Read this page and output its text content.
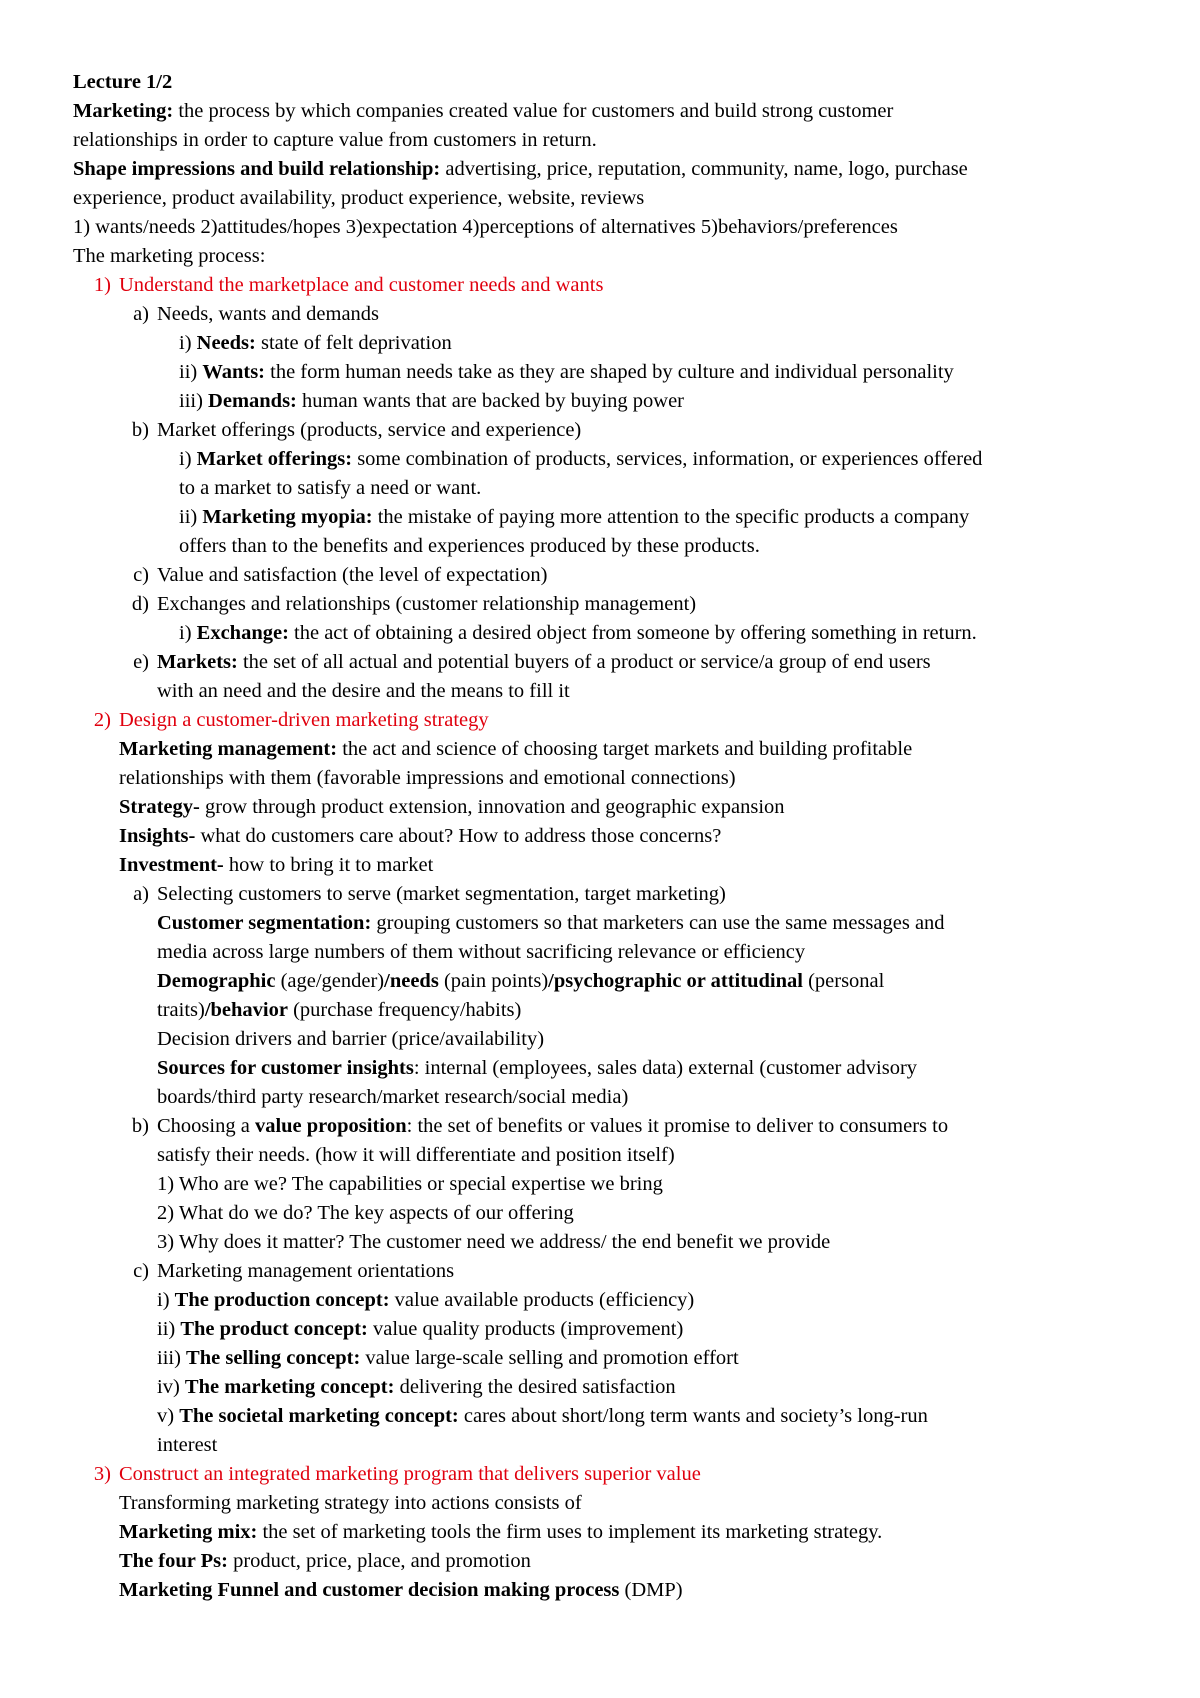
Lecture 1/2
Marketing: the process by which companies created value for customers and build strong customer
relationships in order to capture value from customers in return.
Shape impressions and build relationship: advertising, price, reputation, community, name, logo, purchase
experience, product availability, product experience, website, reviews
1) wants/needs 2)attitudes/hopes 3)expectation 4)perceptions of alternatives 5)behaviors/preferences
The marketing process:
1) Understand the marketplace and customer needs and wants
a) Needs, wants and demands
i) Needs: state of felt deprivation
ii) Wants: the form human needs take as they are shaped by culture and individual personality
iii) Demands: human wants that are backed by buying power
b) Market offerings (products, service and experience)
i) Market offerings: some combination of products, services, information, or experiences offered
to a market to satisfy a need or want.
ii) Marketing myopia: the mistake of paying more attention to the specific products a company
offers than to the benefits and experiences produced by these products.
c) Value and satisfaction (the level of expectation)
d) Exchanges and relationships (customer relationship management)
i) Exchange: the act of obtaining a desired object from someone by offering something in return.
e) Markets: the set of all actual and potential buyers of a product or service/a group of end users
with an need and the desire and the means to fill it
2) Design a customer-driven marketing strategy
Marketing management: the act and science of choosing target markets and building profitable
relationships with them (favorable impressions and emotional connections)
Strategy- grow through product extension, innovation and geographic expansion
Insights- what do customers care about? How to address those concerns?
Investment- how to bring it to market
a) Selecting customers to serve (market segmentation, target marketing)
Customer segmentation: grouping customers so that marketers can use the same messages and
media across large numbers of them without sacrificing relevance or efficiency
Demographic (age/gender)/needs (pain points)/psychographic or attitudinal (personal
traits)/behavior (purchase frequency/habits)
Decision drivers and barrier (price/availability)
Sources for customer insights: internal (employees, sales data) external (customer advisory
boards/third party research/market research/social media)
b) Choosing a value proposition: the set of benefits or values it promise to deliver to consumers to
satisfy their needs. (how it will differentiate and position itself)
1) Who are we? The capabilities or special expertise we bring
2) What do we do? The key aspects of our offering
3) Why does it matter? The customer need we address/ the end benefit we provide
c) Marketing management orientations
i) The production concept: value available products (efficiency)
ii) The product concept: value quality products (improvement)
iii) The selling concept: value large-scale selling and promotion effort
iv) The marketing concept: delivering the desired satisfaction
v) The societal marketing concept: cares about short/long term wants and society’s long-run
interest
3) Construct an integrated marketing program that delivers superior value
Transforming marketing strategy into actions consists of
Marketing mix: the set of marketing tools the firm uses to implement its marketing strategy.
The four Ps: product, price, place, and promotion
Marketing Funnel and customer decision making process (DMP)
